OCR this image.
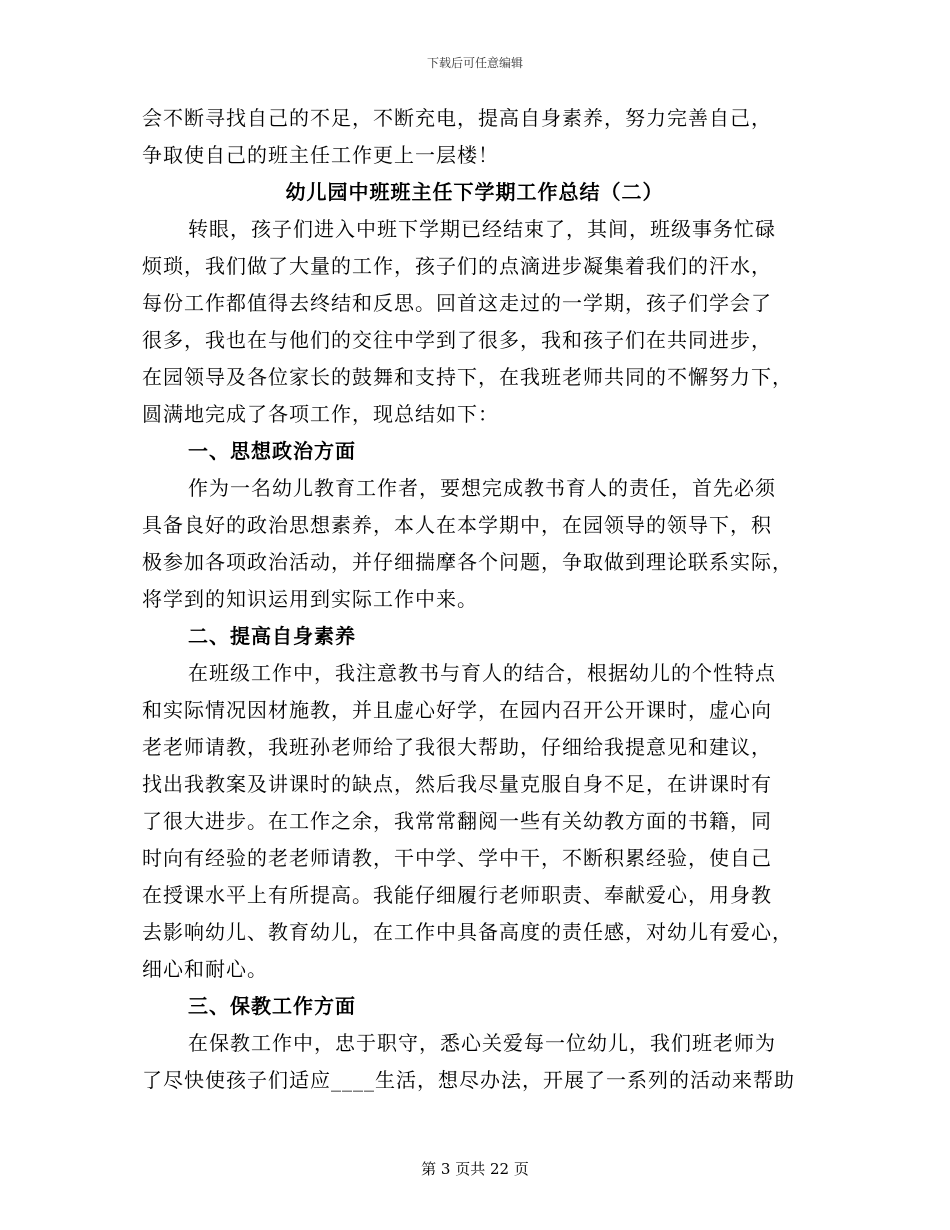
下载后可任意编辑
会不断寻找自己的不足，不断充电，提高自身素养，努力完善自己，
争取使自己的班主任工作更上一层楼！
幼儿园中班班主任下学期工作总结（二）
转眼，孩子们进入中班下学期已经结束了，其间，班级事务忙碌
烦琐，我们做了大量的工作，孩子们的点滴进步凝集着我们的汗水，
每份工作都值得去终结和反思。回首这走过的一学期，孩子们学会了
很多，我也在与他们的交往中学到了很多，我和孩子们在共同进步，
在园领导及各位家长的鼓舞和支持下，在我班老师共同的不懈努力下，
圆满地完成了各项工作，现总结如下：
一、思想政治方面
作为一名幼儿教育工作者，要想完成教书育人的责任，首先必须
具备良好的政治思想素养，本人在本学期中，在园领导的领导下，积
极参加各项政治活动，并仔细揣摩各个问题，争取做到理论联系实际，
将学到的知识运用到实际工作中来。
二、提高自身素养
在班级工作中，我注意教书与育人的结合，根据幼儿的个性特点
和实际情况因材施教，并且虚心好学，在园内召开公开课时，虚心向
老老师请教，我班孙老师给了我很大帮助，仔细给我提意见和建议，
找出我教案及讲课时的缺点，然后我尽量克服自身不足，在讲课时有
了很大进步。在工作之余，我常常翻阅一些有关幼教方面的书籍，同
时向有经验的老老师请教，干中学、学中干，不断积累经验，使自己
在授课水平上有所提高。我能仔细履行老师职责、奉献爱心，用身教
去影响幼儿、教育幼儿，在工作中具备高度的责任感，对幼儿有爱心，
细心和耐心。
三、保教工作方面
在保教工作中，忠于职守，悉心关爱每一位幼儿，我们班老师为
了尽快使孩子们适应____生活，想尽办法，开展了一系列的活动来帮助
第 3 页共 22 页
